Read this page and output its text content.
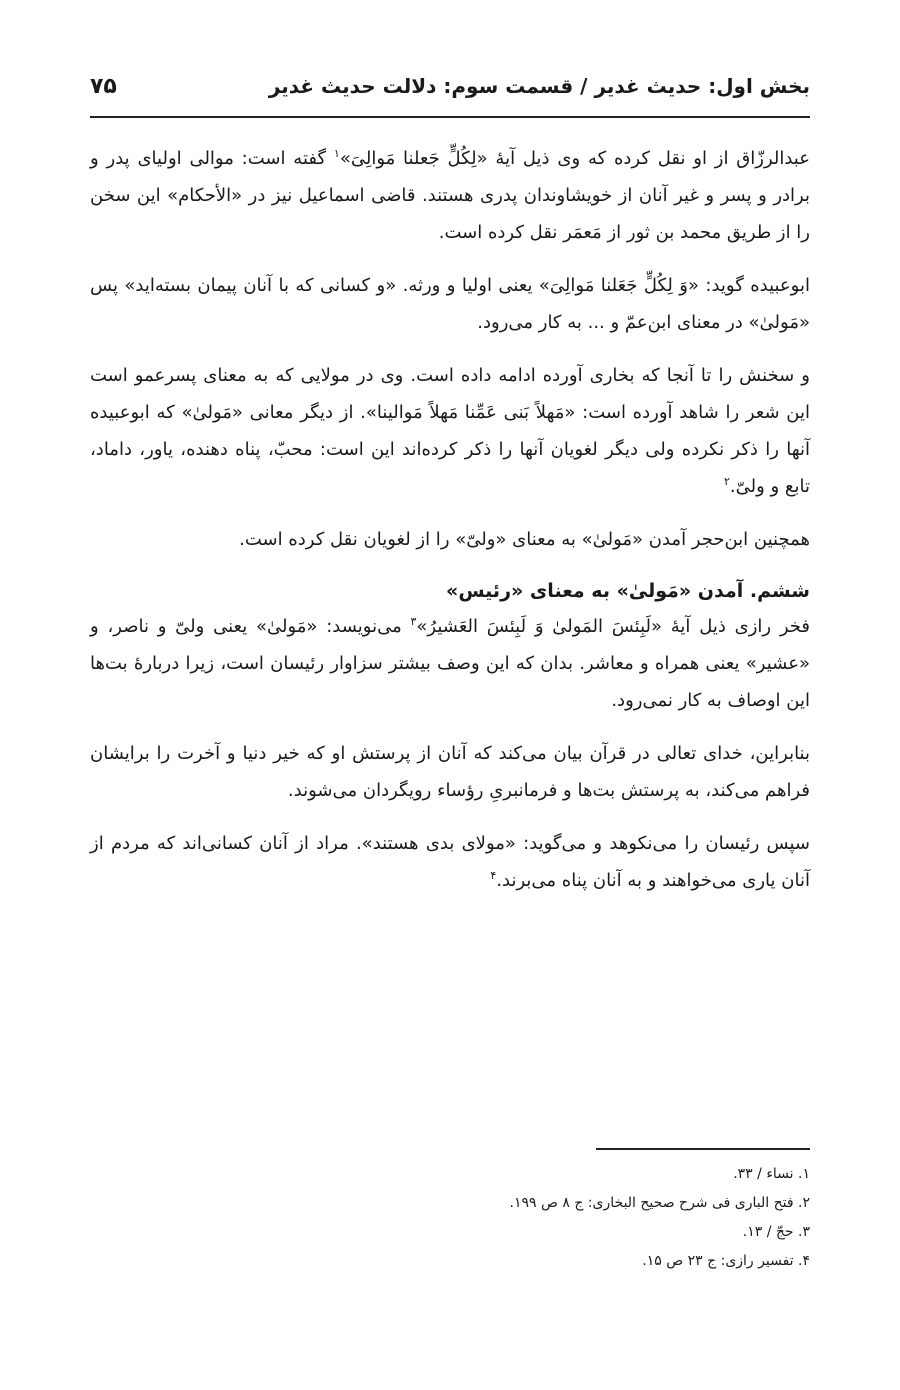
بخش اول: حدیث غدیر / قسمت سوم: دلالت حدیث غدیر
۷۵

عبدالرزّاق از او نقل کرده که وی ذیل آیهٔ «لِکُلٍّ جَعلنا مَوالِیَ»$^۱$ گفته است: موالی اولیای پدر و برادر و پسر و غیر آنان از خویشاوندان پدری هستند. قاضی اسماعیل نیز در «الأحکام» این سخن را از طریق محمد بن ثور از مَعمَر نقل کرده است.

ابوعبیده گوید: «وَ لِکُلٍّ جَعَلنا مَوالِیَ» یعنی اولیا و ورثه. «و کسانی که با آنان پیمان بسته‌اید» پس «مَولیٰ» در معنای ابن‌عمّ و ... به کار می‌رود.

و سخنش را تا آنجا که بخاری آورده ادامه داده است. وی در مولایی که به معنای پسرعمو است این شعر را شاهد آورده است: «مَهلاً بَنی عَمِّنا مَهلاً مَوالینا». از دیگر معانی «مَولیٰ» که ابوعبیده آنها را ذکر نکرده ولی دیگر لغویان آنها را ذکر کرده‌اند این است: محبّ، پناه دهنده، یاور، داماد، تابع و ولیّ.$^۲$

همچنین ابن‌حجر آمدن «مَولیٰ» به معنای «ولیّ» را از لغویان نقل کرده است.

ششم. آمدن «مَولیٰ» به معنای «رئیس»

فخر رازی ذیل آیهٔ «لَبِئسَ المَولیٰ وَ لَبِئسَ العَشیرُ»$^۳$ می‌نویسد: «مَولیٰ» یعنی ولیّ و ناصر، و «عشیر» یعنی همراه و معاشر. بدان که این وصف بیشتر سزاوار رئیسان است، زیرا دربارهٔ بت‌ها این اوصاف به کار نمی‌رود.

بنابراین، خدای تعالی در قرآن بیان می‌کند که آنان از پرستش او که خیر دنیا و آخرت را برایشان فراهم می‌کند، به پرستش بت‌ها و فرمانبریِ رؤساء رویگردان می‌شوند.

سپس رئیسان را می‌نکوهد و می‌گوید: «مولای بدی هستند». مراد از آنان کسانی‌اند که مردم از آنان یاری می‌خواهند و به آنان پناه می‌برند.$^۴$

۱. نساء / ۳۳.
۲. فتح الباری فی شرح صحیح البخاری: ج ۸ ص ۱۹۹.
۳. حجّ / ۱۳.
۴. تفسیر رازی: ج ۲۳ ص ۱۵.
